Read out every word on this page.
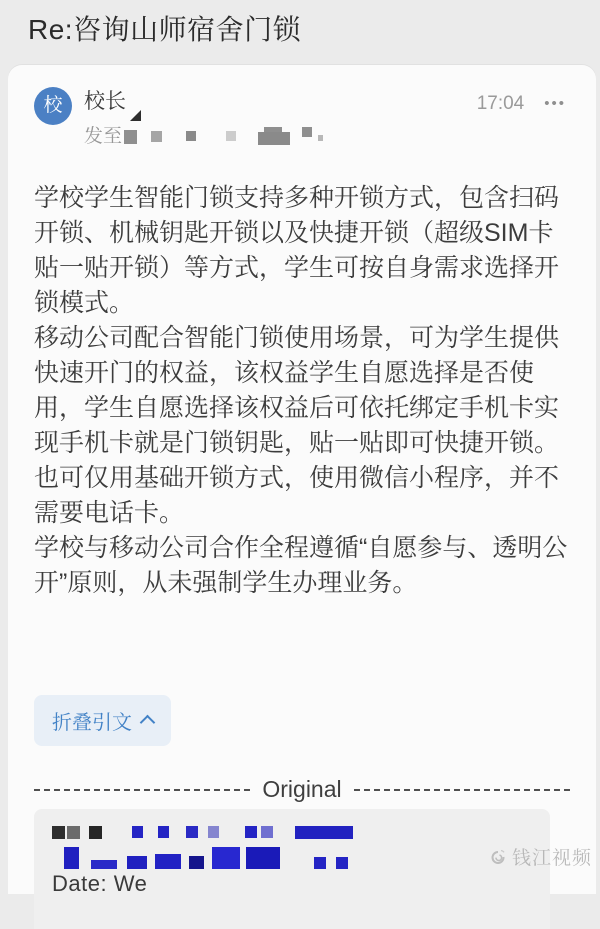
Re:咨询山师宿舍门锁
校	校长
发至
17:04 •••

学校学生智能门锁支持多种开锁方式，包含扫码开锁、机械钥匙开锁以及快捷开锁（超级SIM卡贴一贴开锁）等方式，学生可按自身需求选择开锁模式。

移动公司配合智能门锁使用场景，可为学生提供快速开门的权益，该权益学生自愿选择是否使用，学生自愿选择该权益后可依托绑定手机卡实现手机卡就是门锁钥匙，贴一贴即可快捷开锁。也可仅用基础开锁方式，使用微信小程序，并不需要电话卡。

学校与移动公司合作全程遵循“自愿参与、透明公开”原则，从未强制学生办理业务。

折叠引文
Original
Date: We
钱江视频
